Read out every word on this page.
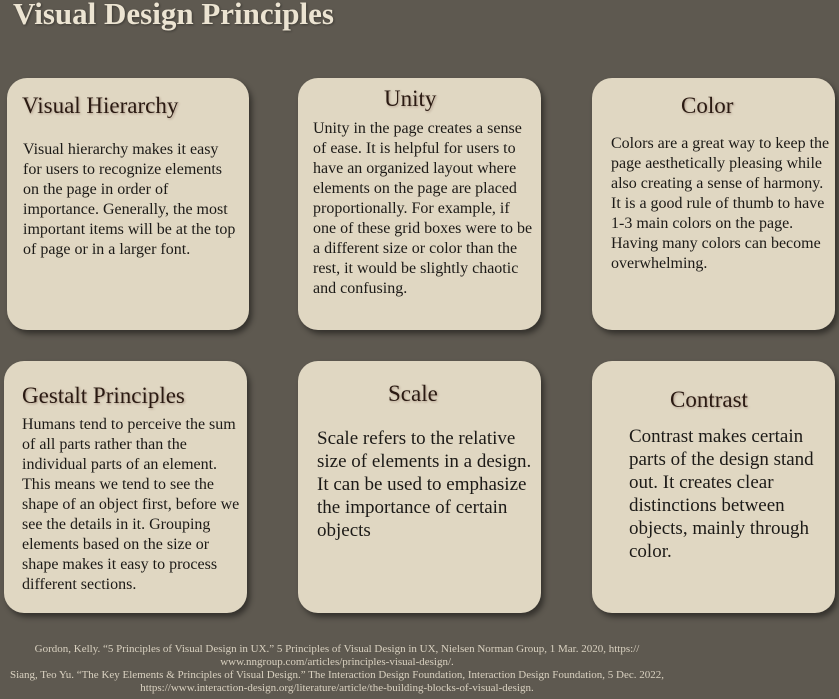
Visual Design Principles
Visual Hierarchy
Visual hierarchy makes it easy for users to recognize elements on the page in order of importance. Generally, the most important items will be at the top of page or in a larger font.
Unity
Unity in the page creates a sense of ease. It is helpful for users to have an organized layout where elements on the page are placed proportionally. For example, if one of these grid boxes were to be a different size or color than the rest, it would be slightly chaotic and confusing.
Color
Colors are a great way to keep the page aesthetically pleasing while also creating a sense of harmony. It is a good rule of thumb to have 1-3 main colors on the page. Having many colors can become overwhelming.
Gestalt Principles
Humans tend to perceive the sum of all parts rather than the individual parts of an element. This means we tend to see the shape of an object first, before we see the details in it. Grouping elements based on the size or shape makes it easy to process different sections.
Scale
Scale refers to the relative size of elements in a design. It can be used to emphasize the importance of certain objects
Contrast
Contrast makes certain parts of the design stand out. It creates clear distinctions between objects, mainly through color.

Gordon, Kelly. “5 Principles of Visual Design in UX.” 5 Principles of Visual Design in UX, Nielsen Norman Group, 1 Mar. 2020, https:// www.nngroup.com/articles/principles-visual-design/.

Siang, Teo Yu. “The Key Elements & Principles of Visual Design.” The Interaction Design Foundation, Interaction Design Foundation, 5 Dec. 2022, https://www.interaction-design.org/literature/article/the-building-blocks-of-visual-design.
